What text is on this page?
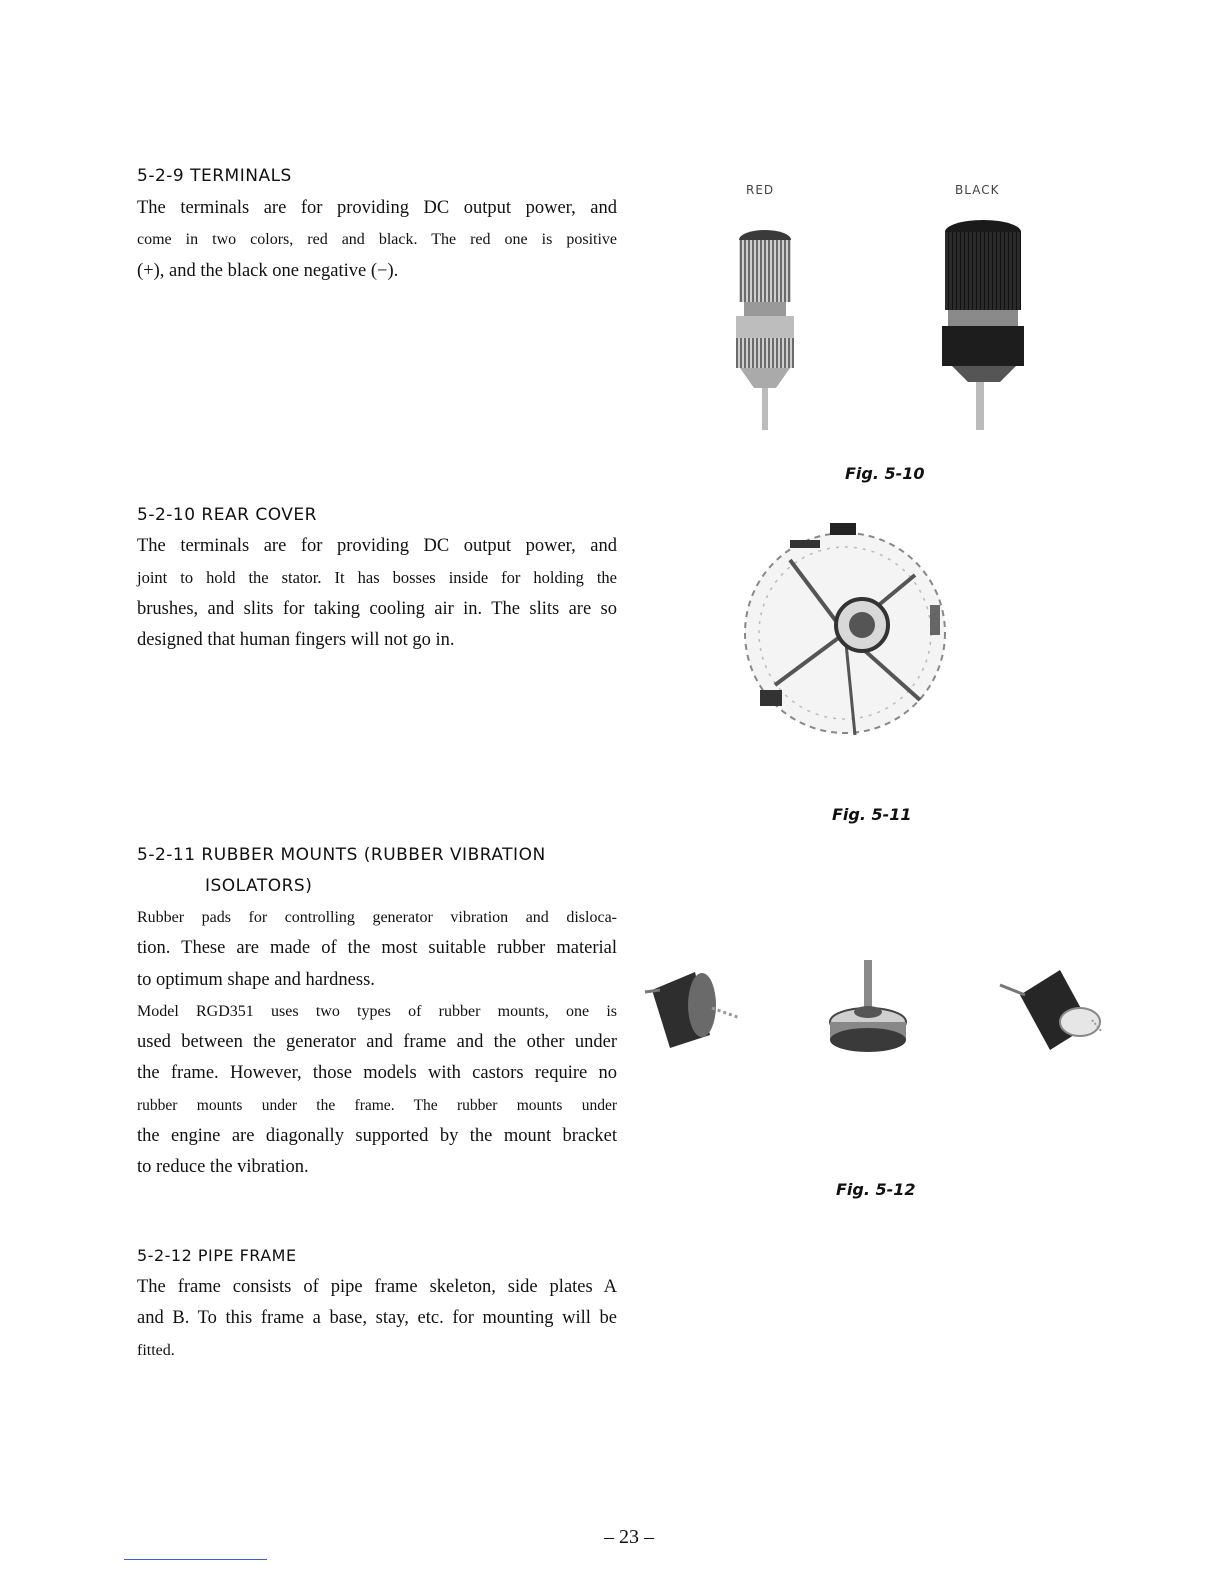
5-2-9 TERMINALS
The terminals are for providing DC output power, and
come in two colors, red and black. The red one is positive
(+), and the black one negative (−).
5-2-10 REAR COVER
The terminals are for providing DC output power, and
joint to hold the stator. It has bosses inside for holding the
brushes, and slits for taking cooling air in. The slits are so
designed that human fingers will not go in.
5-2-11 RUBBER MOUNTS (RUBBER VIBRATION
ISOLATORS)
Rubber pads for controlling generator vibration and disloca-
tion. These are made of the most suitable rubber material
to optimum shape and hardness.
Model RGD351 uses two types of rubber mounts, one is
used between the generator and frame and the other under
the frame. However, those models with castors require no
rubber mounts under the frame. The rubber mounts under
the engine are diagonally supported by the mount bracket
to reduce the vibration.
5-2-12 PIPE FRAME
The frame consists of pipe frame skeleton, side plates A
and B. To this frame a base, stay, etc. for mounting will be
fitted.
RED	BLACK
Fig. 5-10
Fig. 5-11
Fig. 5-12
– 23 –
